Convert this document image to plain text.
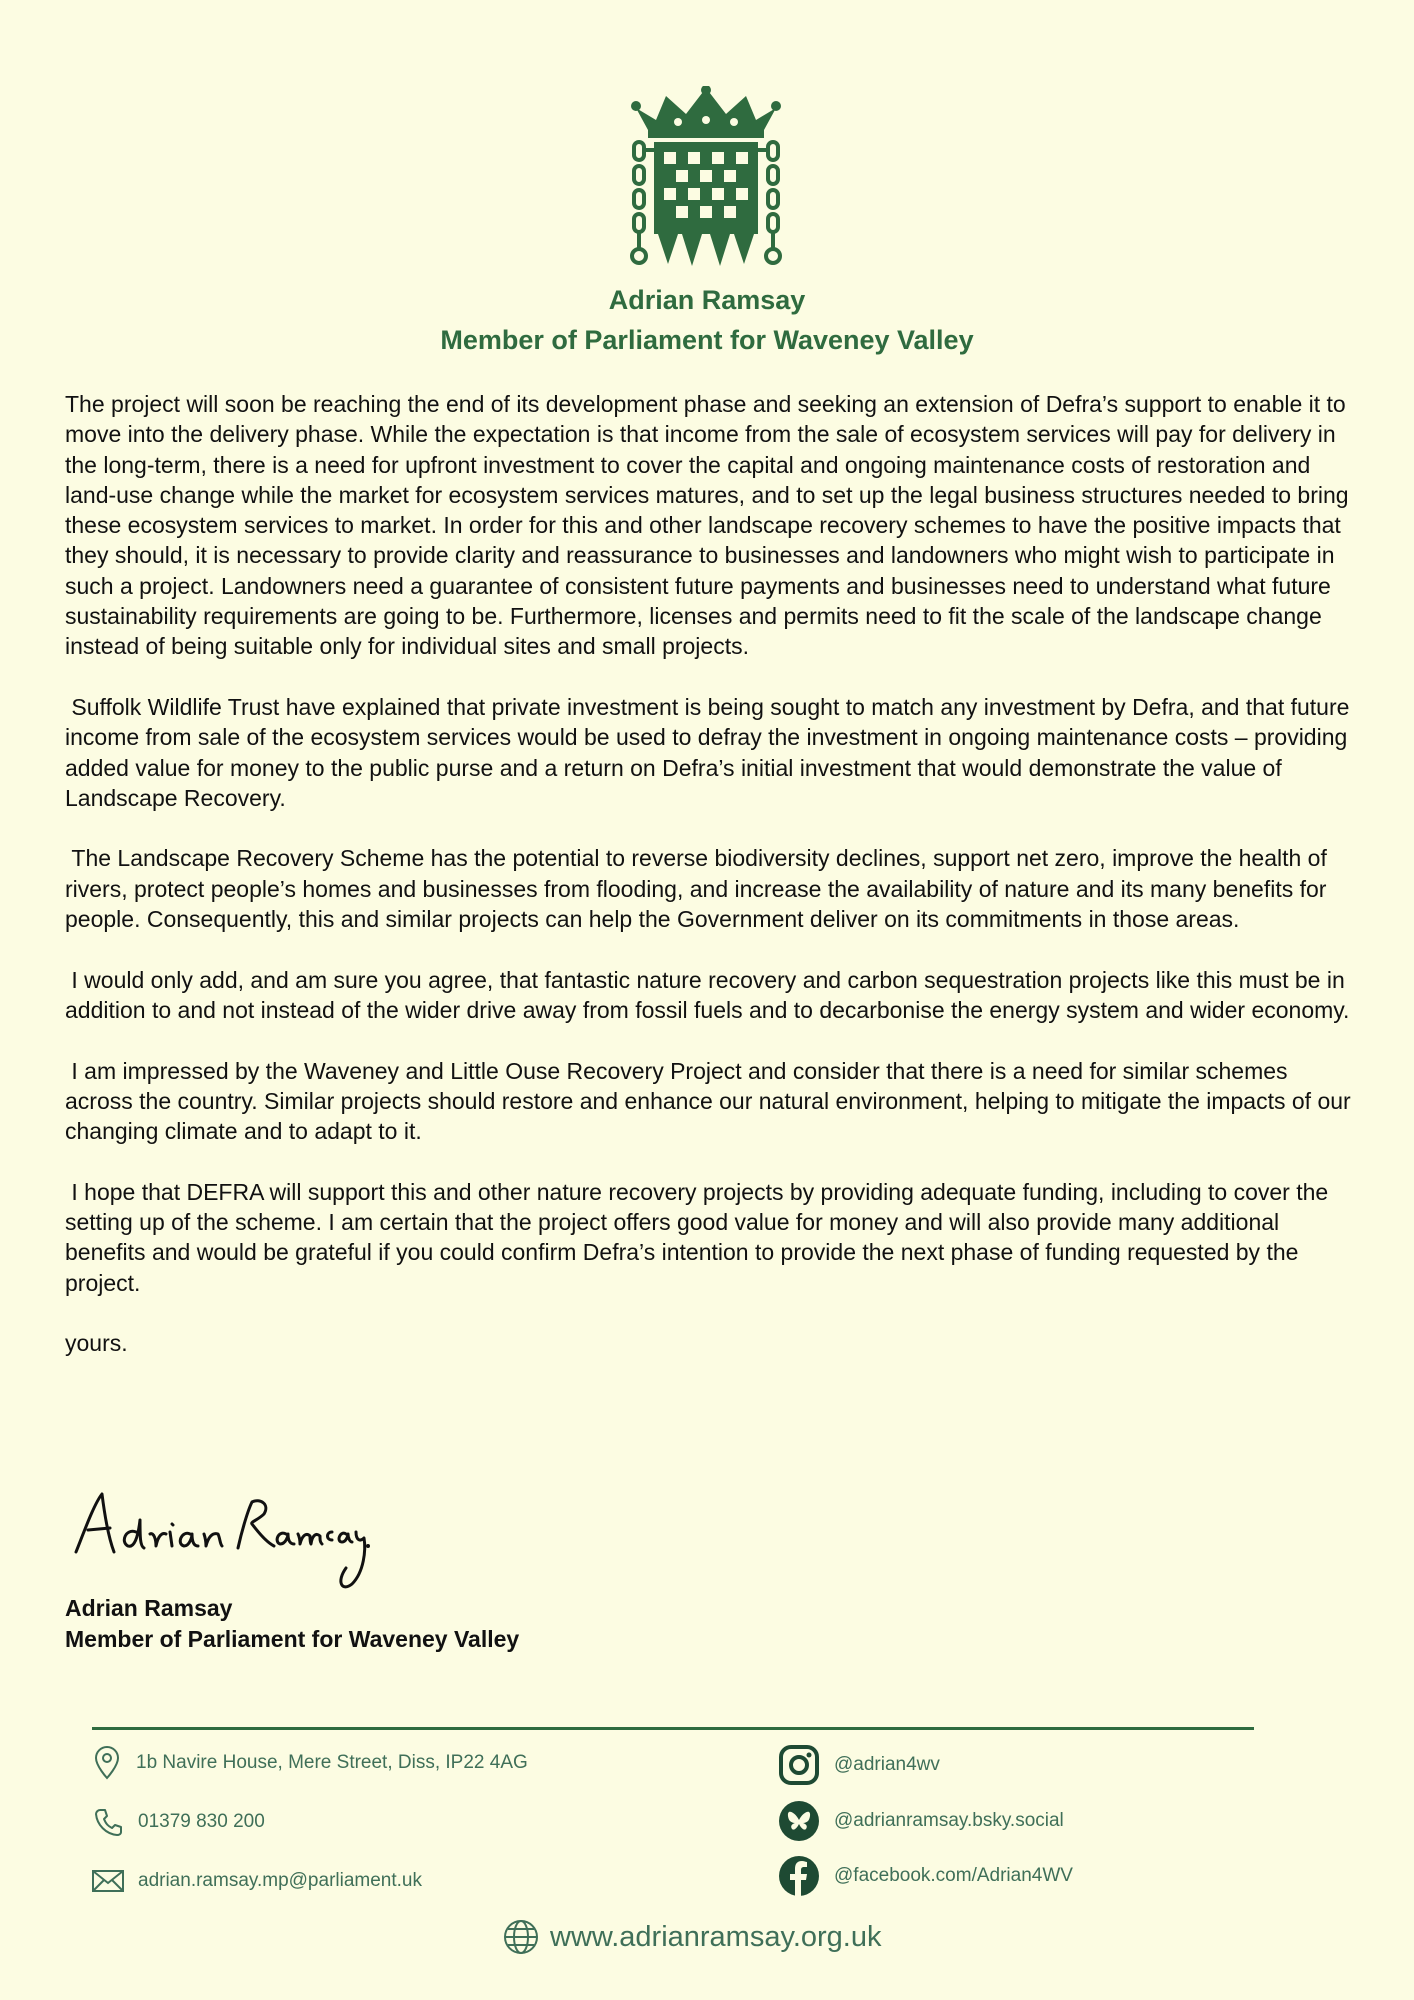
Adrian Ramsay
Member of Parliament for Waveney Valley

The project will soon be reaching the end of its development phase and seeking an extension of Defra’s support to enable it to move into the delivery phase. While the expectation is that income from the sale of ecosystem services will pay for delivery in the long-term, there is a need for upfront investment to cover the capital and ongoing maintenance costs of restoration and land-use change while the market for ecosystem services matures, and to set up the legal business structures needed to bring these ecosystem services to market. In order for this and other landscape recovery schemes to have the positive impacts that they should, it is necessary to provide clarity and reassurance to businesses and landowners who might wish to participate in such a project. Landowners need a guarantee of consistent future payments and businesses need to understand what future sustainability requirements are going to be. Furthermore, licenses and permits need to fit the scale of the landscape change instead of being suitable only for individual sites and small projects.

Suffolk Wildlife Trust have explained that private investment is being sought to match any investment by Defra, and that future income from sale of the ecosystem services would be used to defray the investment in ongoing maintenance costs – providing added value for money to the public purse and a return on Defra’s initial investment that would demonstrate the value of Landscape Recovery.

The Landscape Recovery Scheme has the potential to reverse biodiversity declines, support net zero, improve the health of rivers, protect people’s homes and businesses from flooding, and increase the availability of nature and its many benefits for people. Consequently, this and similar projects can help the Government deliver on its commitments in those areas.

I would only add, and am sure you agree, that fantastic nature recovery and carbon sequestration projects like this must be in addition to and not instead of the wider drive away from fossil fuels and to decarbonise the energy system and wider economy.

I am impressed by the Waveney and Little Ouse Recovery Project and consider that there is a need for similar schemes across the country. Similar projects should restore and enhance our natural environment, helping to mitigate the impacts of our changing climate and to adapt to it.

I hope that DEFRA will support this and other nature recovery projects by providing adequate funding, including to cover the setting up of the scheme. I am certain that the project offers good value for money and will also provide many additional benefits and would be grateful if you could confirm Defra’s intention to provide the next phase of funding requested by the project.

yours.

Adrian Ramsay
Member of Parliament for Waveney Valley
1b Navire House, Mere Street, Diss, IP22 4AG
01379 830 200
adrian.ramsay.mp@parliament.uk
@adrian4wv
@adrianramsay.bsky.social
@facebook.com/Adrian4WV
www.adrianramsay.org.uk
